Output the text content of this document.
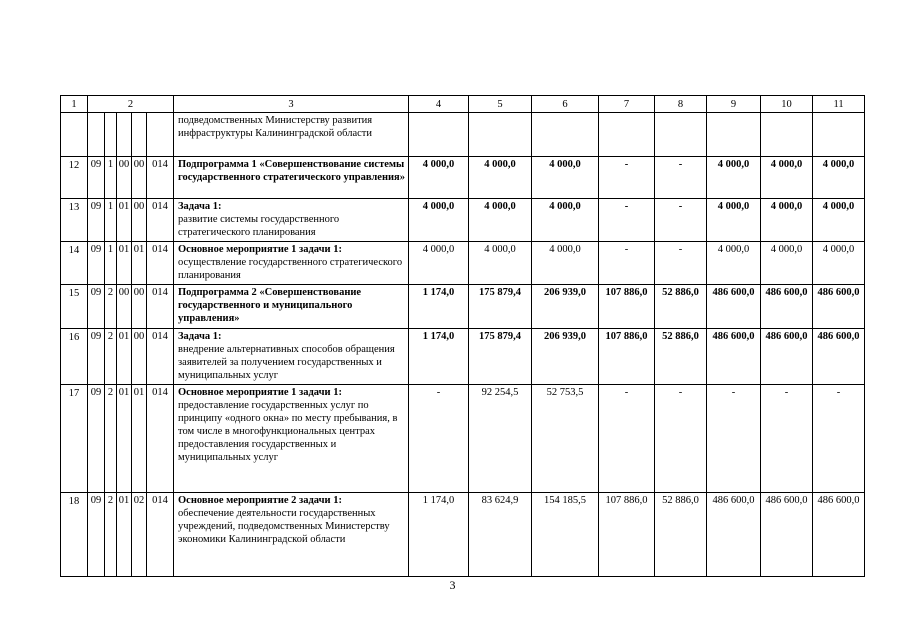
1	2					3	4	5	6	7	8	9	10	11

						подведомственных Министерству развития инфраструктуры Калининградской области								

12	09	1	00	00	014	Подпрограмма 1 «Совершенствование системы государственного стратегического управления»	4 000,0	4 000,0	4 000,0	-	-	4 000,0	4 000,0	4 000,0
13	09	1	01	00	014	Задача 1:
развитие системы государственного стратегического планирования	4 000,0	4 000,0	4 000,0	-	-	4 000,0	4 000,0	4 000,0
14	09	1	01	01	014	Основное мероприятие 1 задачи 1:
осуществление государственного стратегического планирования	4 000,0	4 000,0	4 000,0	-	-	4 000,0	4 000,0	4 000,0
15	09	2	00	00	014	Подпрограмма 2 «Совершенствование государственного и муниципального управления»	1 174,0	175 879,4	206 939,0	107 886,0	52 886,0	486 600,0	486 600,0	486 600,0
16	09	2	01	00	014	Задача 1:
внедрение альтернативных способов обращения заявителей за получением государственных и муниципальных услуг	1 174,0	175 879,4	206 939,0	107 886,0	52 886,0	486 600,0	486 600,0	486 600,0
17	09	2	01	01	014	Основное мероприятие 1 задачи 1:
предоставление государственных услуг по принципу «одного окна» по месту пребывания, в том числе в многофункциональных центрах предоставления государственных и муниципальных услуг	-	92 254,5	52 753,5	-	-	-	-	-
18	09	2	01	02	014	Основное мероприятие 2 задачи 1:
обеспечение деятельности государственных учреждений, подведомственных Министерству экономики Калининградской области	1 174,0	83 624,9	154 185,5	107 886,0	52 886,0	486 600,0	486 600,0	486 600,0
3
